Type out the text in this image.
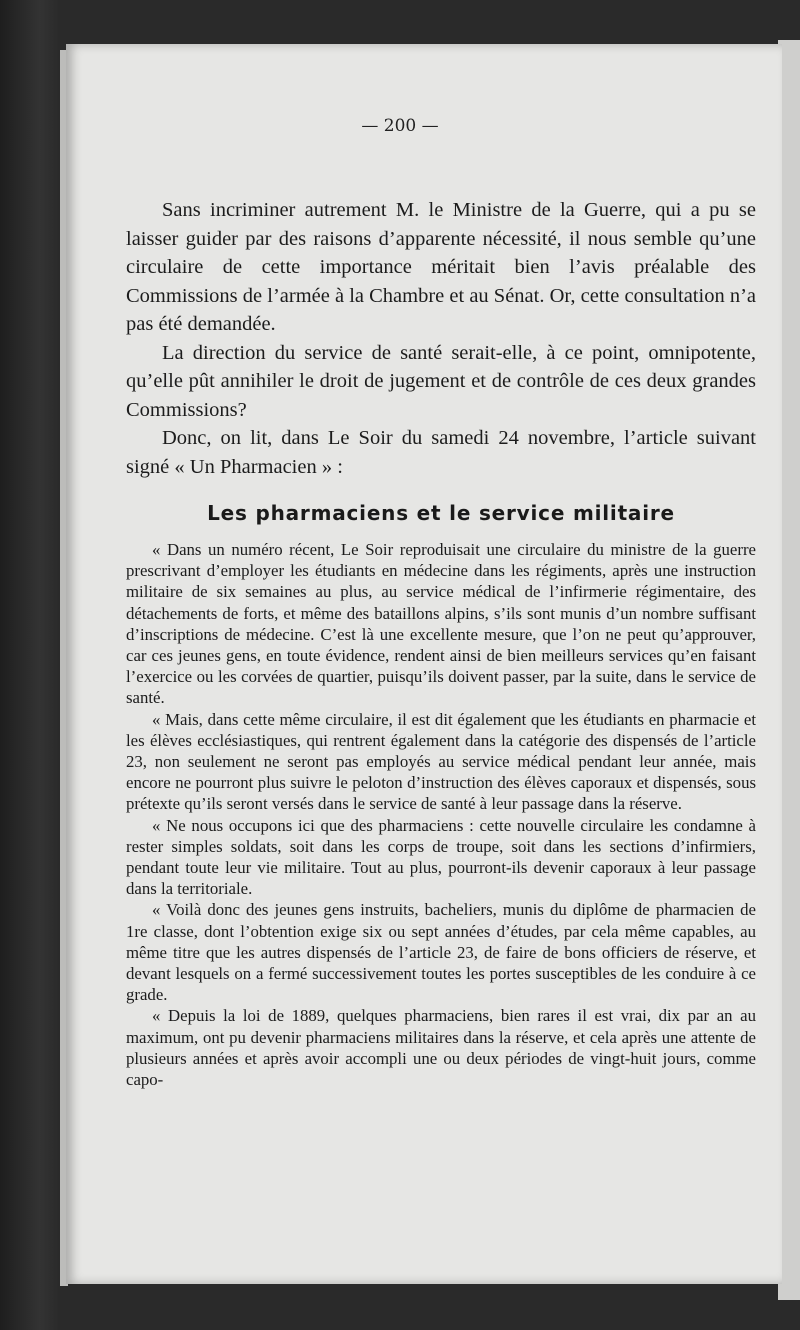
— 200 —

Sans incriminer autrement M. le Ministre de la Guerre, qui a pu se laisser guider par des raisons d’apparente nécessité, il nous semble qu’une circulaire de cette importance méritait bien l’avis préalable des Commissions de l’armée à la Chambre et au Sénat. Or, cette consultation n’a pas été demandée.

La direction du service de santé serait-elle, à ce point, omnipotente, qu’elle pût annihiler le droit de jugement et de contrôle de ces deux grandes Commissions?

Donc, on lit, dans Le Soir du samedi 24 novembre, l’article suivant signé « Un Pharmacien » :

Les pharmaciens et le service militaire

« Dans un numéro récent, Le Soir reproduisait une circulaire du ministre de la guerre prescrivant d’employer les étudiants en médecine dans les régiments, après une instruction militaire de six semaines au plus, au service médical de l’infirmerie régimentaire, des détachements de forts, et même des bataillons alpins, s’ils sont munis d’un nombre suffisant d’inscriptions de médecine. C’est là une excellente mesure, que l’on ne peut qu’approuver, car ces jeunes gens, en toute évidence, rendent ainsi de bien meilleurs services qu’en faisant l’exercice ou les corvées de quartier, puisqu’ils doivent passer, par la suite, dans le service de santé.

« Mais, dans cette même circulaire, il est dit également que les étudiants en pharmacie et les élèves ecclésiastiques, qui rentrent également dans la catégorie des dispensés de l’article 23, non seulement ne seront pas employés au service médical pendant leur année, mais encore ne pourront plus suivre le peloton d’instruction des élèves caporaux et dispensés, sous prétexte qu’ils seront versés dans le service de santé à leur passage dans la réserve.

« Ne nous occupons ici que des pharmaciens : cette nouvelle circulaire les condamne à rester simples soldats, soit dans les corps de troupe, soit dans les sections d’infirmiers, pendant toute leur vie militaire. Tout au plus, pourront-ils devenir caporaux à leur passage dans la territoriale.

« Voilà donc des jeunes gens instruits, bacheliers, munis du diplôme de pharmacien de 1re classe, dont l’obtention exige six ou sept années d’études, par cela même capables, au même titre que les autres dispensés de l’article 23, de faire de bons officiers de réserve, et devant lesquels on a fermé successivement toutes les portes susceptibles de les conduire à ce grade.

« Depuis la loi de 1889, quelques pharmaciens, bien rares il est vrai, dix par an au maximum, ont pu devenir pharmaciens militaires dans la réserve, et cela après une attente de plusieurs années et après avoir accompli une ou deux périodes de vingt-huit jours, comme capo-
